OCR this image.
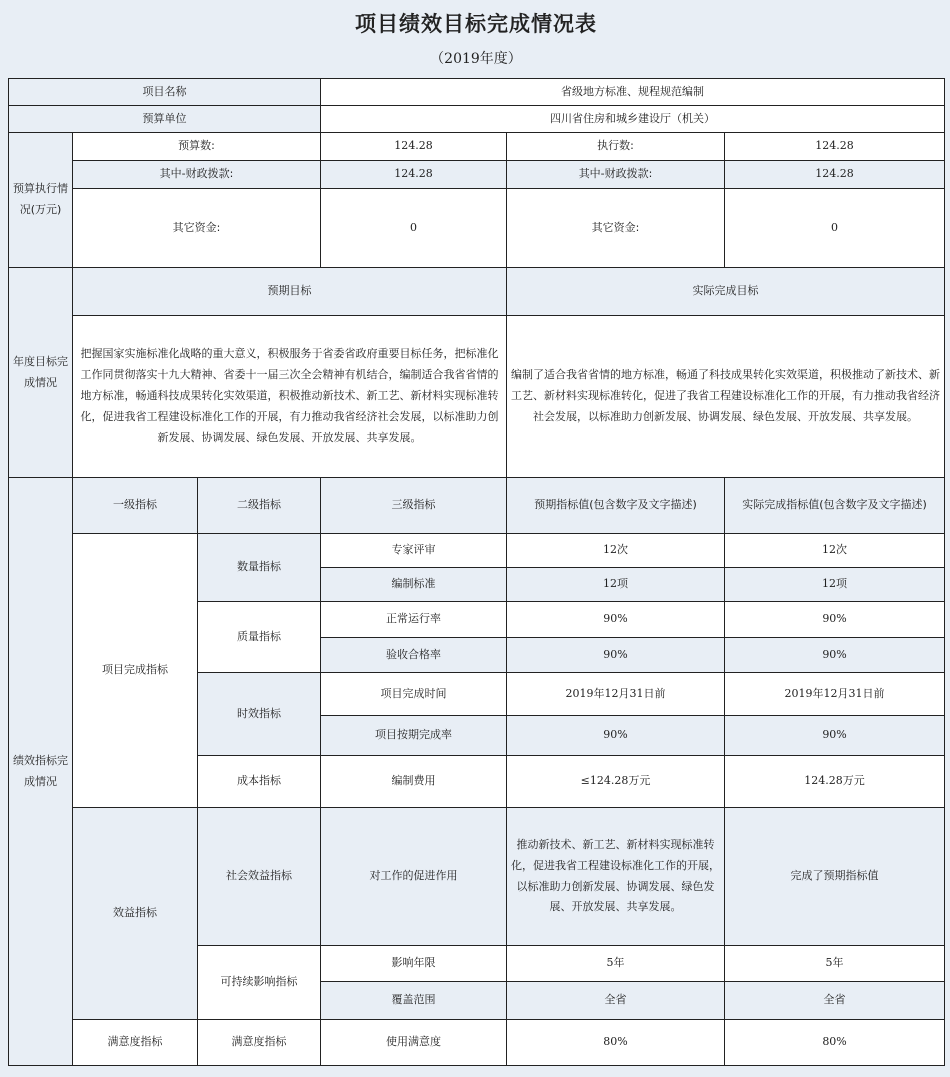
项目绩效目标完成情况表
（2019年度）
项目名称			省级地方标准、规程规范编制		
预算单位			四川省住房和城乡建设厅（机关）		
预算执行情况(万元)	预算数:		124.28	执行数:	124.28
	其中-财政拨款:		124.28	其中-财政拨款:	124.28
	其它资金:		0	其它资金:	0
年度目标完成情况	预期目标			实际完成目标	
	把握国家实施标准化战略的重大意义，积极服务于省委省政府重要目标任务，把标准化工作同贯彻落实十九大精神、省委十一届三次全会精神有机结合，编制适合我省省情的地方标准，畅通科技成果转化实效渠道，积极推动新技术、新工艺、新材料实现标准转化，促进我省工程建设标准化工作的开展，有力推动我省经济社会发展，以标准助力创新发展、协调发展、绿色发展、开放发展、共享发展。			编制了适合我省省情的地方标准，畅通了科技成果转化实效渠道，积极推动了新技术、新工艺、新材料实现标准转化，促进了我省工程建设标准化工作的开展，有力推动我省经济社会发展，以标准助力创新发展、协调发展、绿色发展、开放发展、共享发展。	
绩效指标完成情况	一级指标	二级指标	三级指标	预期指标值(包含数字及文字描述)	实际完成指标值(包含数字及文字描述)
	项目完成指标	数量指标	专家评审	12次	12次
			编制标准	12项	12项
		质量指标	正常运行率	90%	90%
			验收合格率	90%	90%
		时效指标	项目完成时间	2019年12月31日前	2019年12月31日前
			项目按期完成率	90%	90%
		成本指标	编制费用	≤124.28万元	124.28万元
	效益指标	社会效益指标	对工作的促进作用	推动新技术、新工艺、新材料实现标准转化，促进我省工程建设标准化工作的开展，以标准助力创新发展、协调发展、绿色发展、开放发展、共享发展。	完成了预期指标值
		可持续影响指标	影响年限	5年	5年
			覆盖范围	全省	全省
	满意度指标	满意度指标	使用满意度	80%	80%
